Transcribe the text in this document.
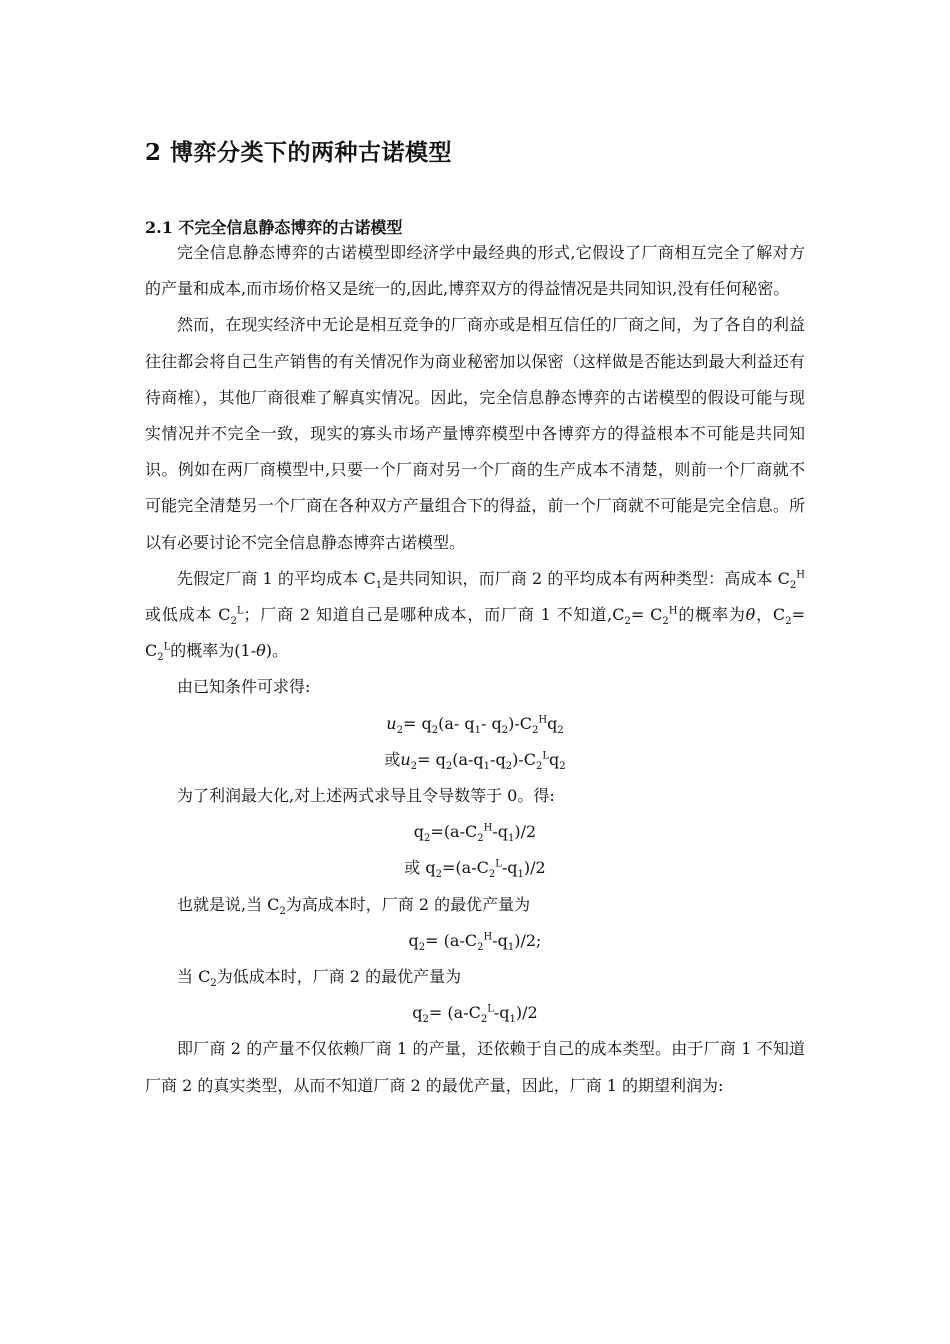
2 博弈分类下的两种古诺模型
2.1 不完全信息静态博弈的古诺模型

完全信息静态博弈的古诺模型即经济学中最经典的形式,它假设了厂商相互完全了解对方的产量和成本,而市场价格又是统一的,因此,博弈双方的得益情况是共同知识,没有任何秘密。

然而，在现实经济中无论是相互竞争的厂商亦或是相互信任的厂商之间，为了各自的利益往往都会将自己生产销售的有关情况作为商业秘密加以保密（这样做是否能达到最大利益还有待商榷），其他厂商很难了解真实情况。因此，完全信息静态博弈的古诺模型的假设可能与现实情况并不完全一致，现实的寡头市场产量博弈模型中各博弈方的得益根本不可能是共同知识。例如在两厂商模型中,只要一个厂商对另一个厂商的生产成本不清楚，则前一个厂商就不可能完全清楚另一个厂商在各种双方产量组合下的得益，前一个厂商就不可能是完全信息。所以有必要讨论不完全信息静态博弈古诺模型。

先假定厂商 1 的平均成本 $C_1$是共同知识，而厂商 2 的平均成本有两种类型：高成本 $C_2^H$或低成本 $C_2^L$；厂商 2 知道自己是哪种成本，而厂商 1 不知道$,C_2= C_2^H$的概率为θ，$C_2= C_2^L$的概率为(1-θ)。

由已知条件可求得:

$u_2= q_2(a-$ $q_1-$ $q_2)-C_2^Hq_2$

或$u_2= q_2(a-q_1-q_2)-C_2^Lq_2$

为了利润最大化,对上述两式求导且令导数等于 0。得:

$q_2=(a-C_2^H-q_1)/2$

或 $q_2=(a-C_2^L-q_1)/2$

也就是说,当 $C_2$为高成本时，厂商 2 的最优产量为

$q_2= (a-C_2^H-q_1)/2$;

当 $C_2$为低成本时，厂商 2 的最优产量为

$q_2= (a-C_2^L-q_1)/2$

即厂商 2 的产量不仅依赖厂商 1 的产量，还依赖于自己的成本类型。由于厂商 1 不知道厂商 2 的真实类型，从而不知道厂商 2 的最优产量，因此，厂商 1 的期望利润为:
